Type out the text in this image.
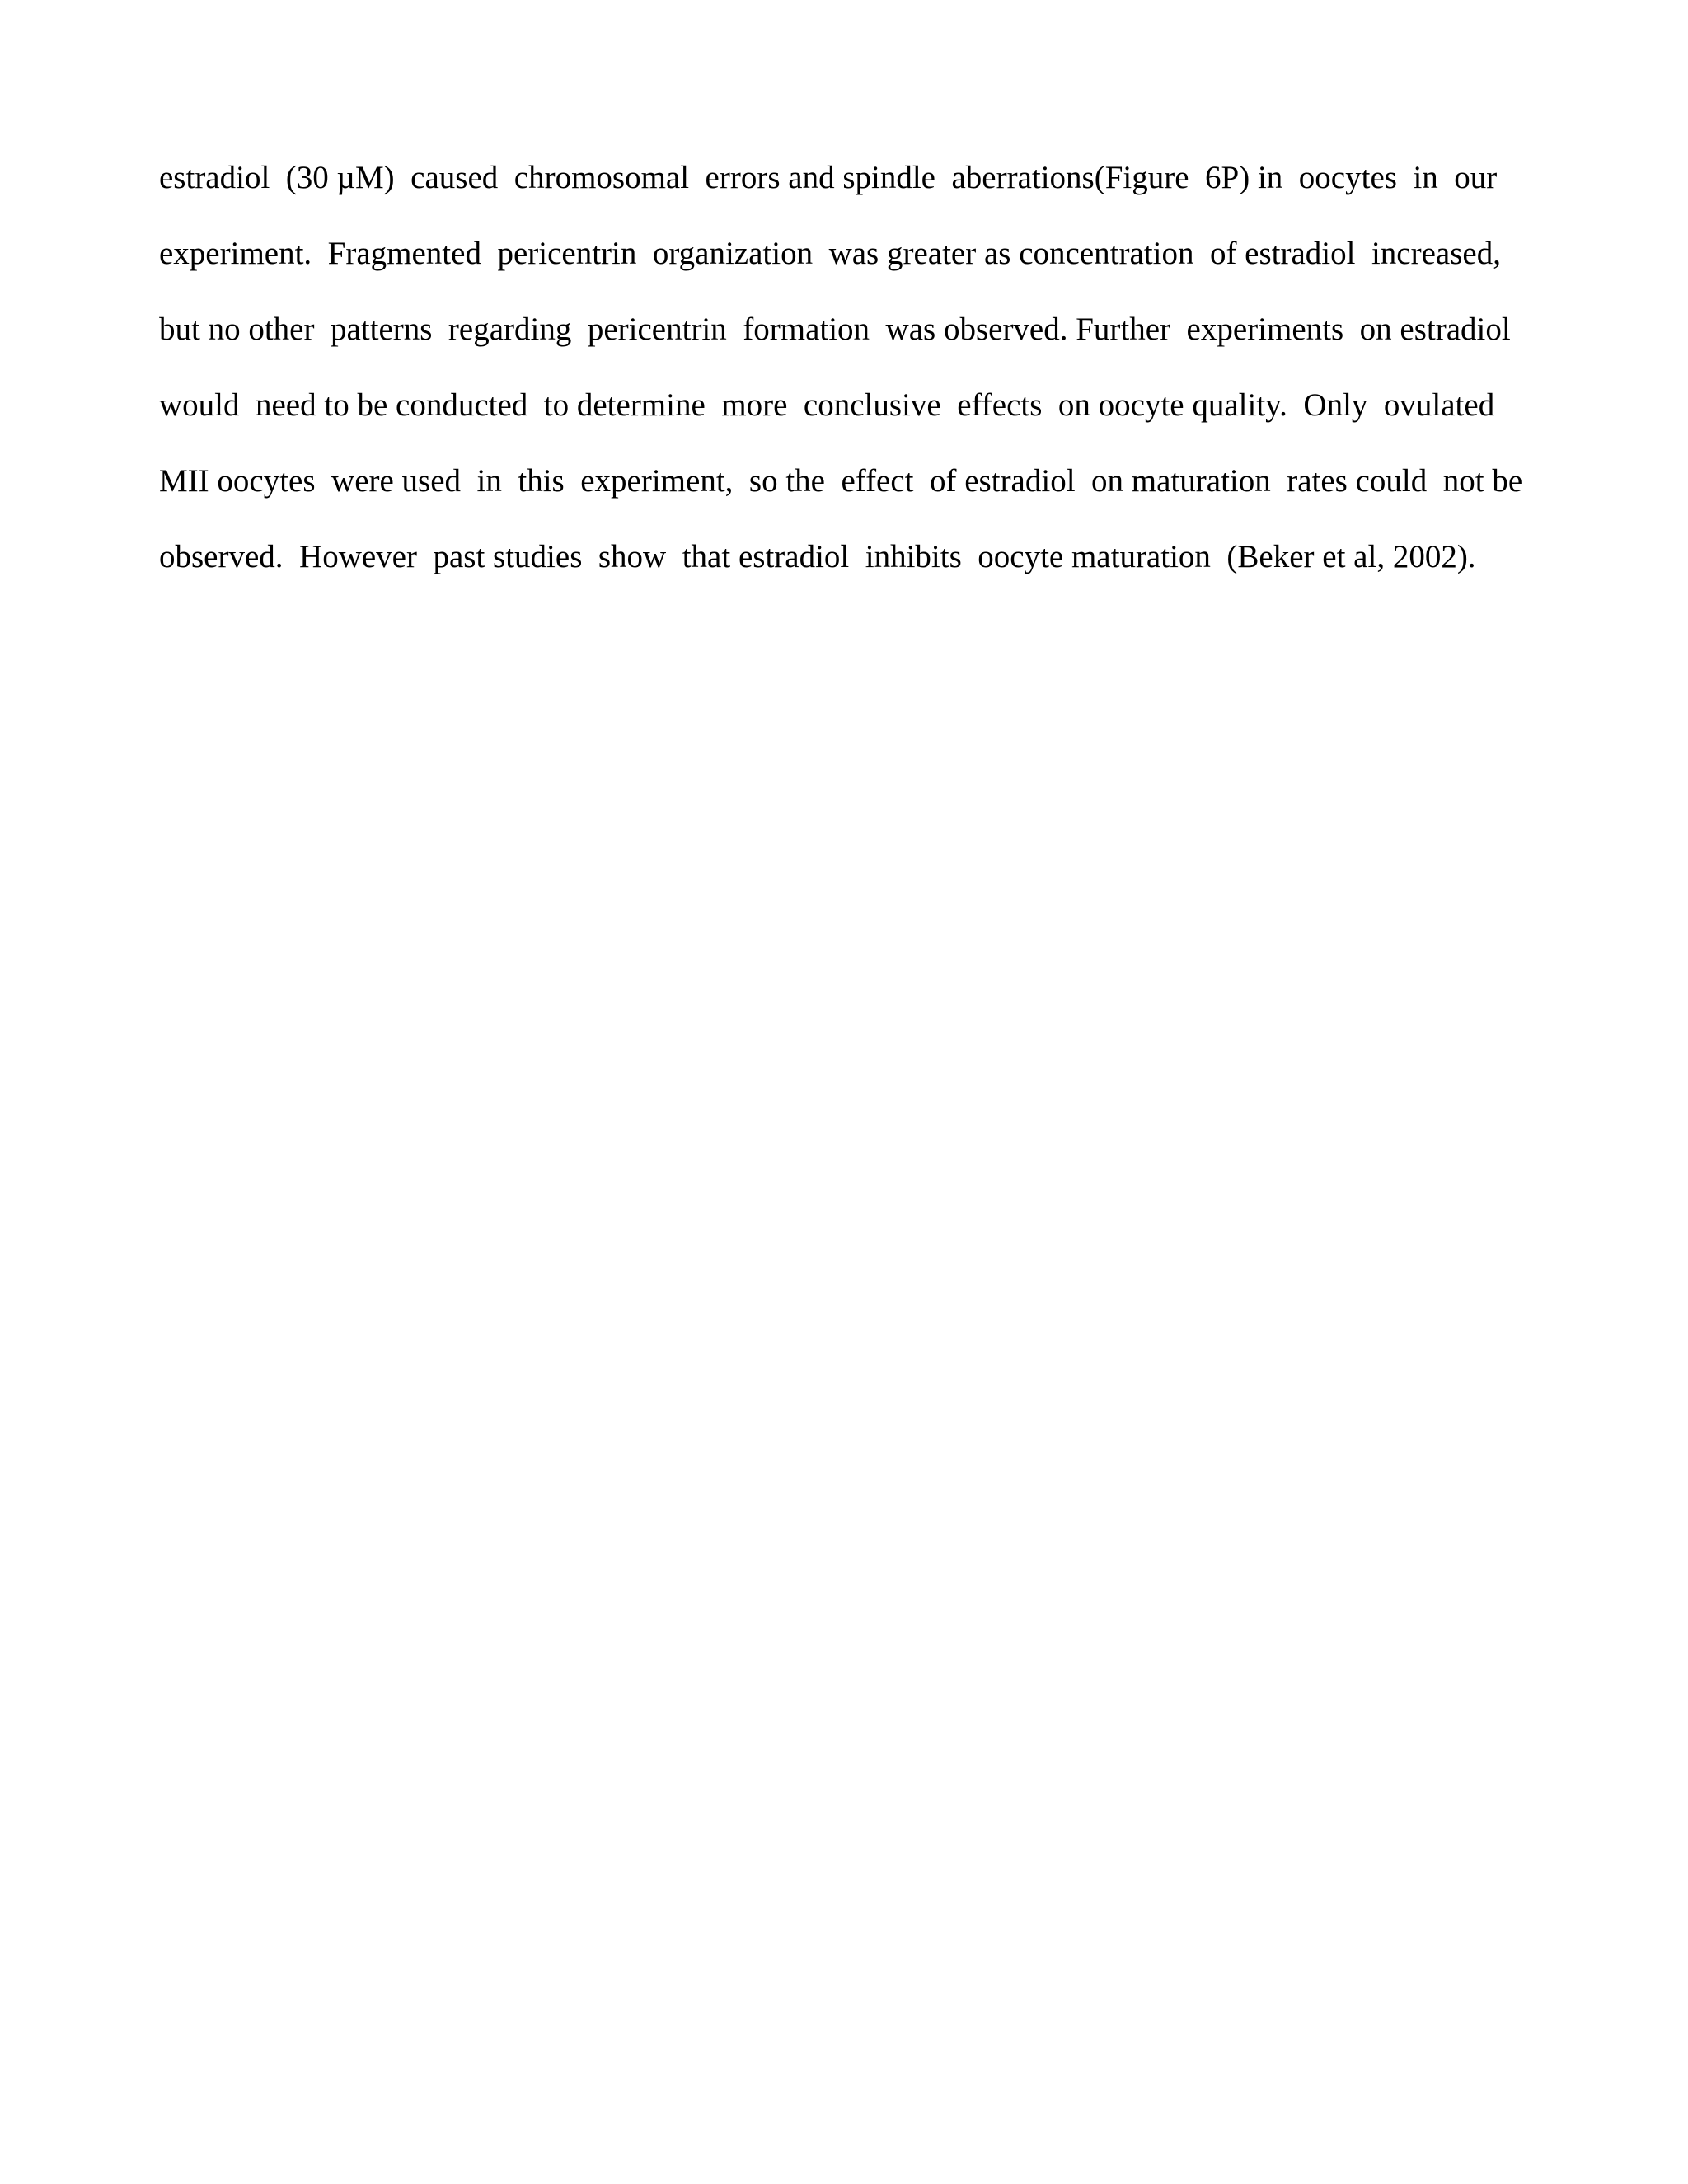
estradiol  (30 µM)  caused  chromosomal  errors and spindle  aberrations(Figure  6P) in  oocytes  in  our
experiment.  Fragmented  pericentrin  organization  was greater as concentration  of estradiol  increased,
but no other  patterns  regarding  pericentrin  formation  was observed. Further  experiments  on estradiol
would  need to be conducted  to determine  more  conclusive  effects  on oocyte quality.  Only  ovulated
MII oocytes  were used  in  this  experiment,  so the  effect  of estradiol  on maturation  rates could  not be
observed.  However  past studies  show  that estradiol  inhibits  oocyte maturation  (Beker et al, 2002).
